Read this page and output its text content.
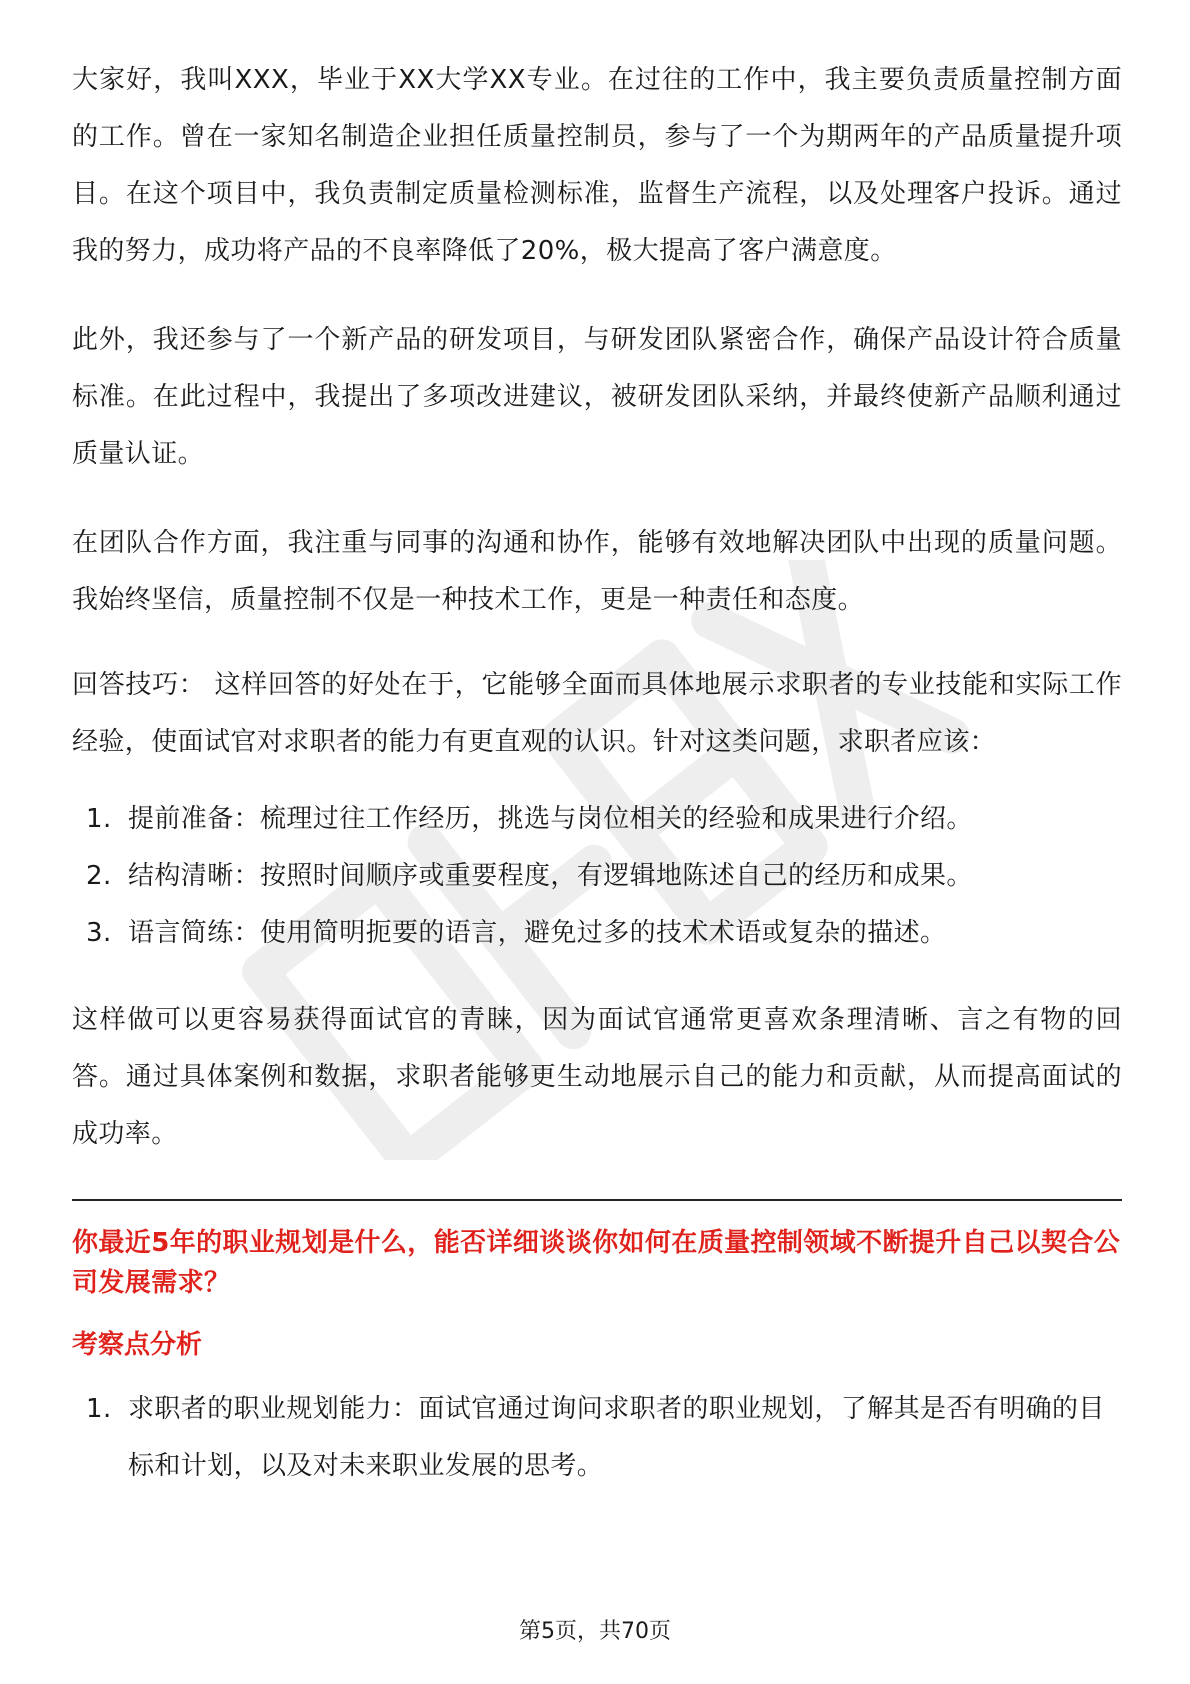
大家好，我叫XXX，毕业于XX大学XX专业。在过往的工作中，我主要负责质量控制方面的工作。曾在一家知名制造企业担任质量控制员，参与了一个为期两年的产品质量提升项目。在这个项目中，我负责制定质量检测标准，监督生产流程，以及处理客户投诉。通过我的努力，成功将产品的不良率降低了20%，极大提高了客户满意度。

此外，我还参与了一个新产品的研发项目，与研发团队紧密合作，确保产品设计符合质量标准。在此过程中，我提出了多项改进建议，被研发团队采纳，并最终使新产品顺利通过质量认证。

在团队合作方面，我注重与同事的沟通和协作，能够有效地解决团队中出现的质量问题。我始终坚信，质量控制不仅是一种技术工作，更是一种责任和态度。

回答技巧： 这样回答的好处在于，它能够全面而具体地展示求职者的专业技能和实际工作经验，使面试官对求职者的能力有更直观的认识。针对这类问题，求职者应该：

1. 提前准备：梳理过往工作经历，挑选与岗位相关的经验和成果进行介绍。
2. 结构清晰：按照时间顺序或重要程度，有逻辑地陈述自己的经历和成果。
3. 语言简练：使用简明扼要的语言，避免过多的技术术语或复杂的描述。

这样做可以更容易获得面试官的青睐，因为面试官通常更喜欢条理清晰、言之有物的回答。通过具体案例和数据，求职者能够更生动地展示自己的能力和贡献，从而提高面试的成功率。

你最近5年的职业规划是什么，能否详细谈谈你如何在质量控制领域不断提升自己以契合公司发展需求？

考察点分析

1. 求职者的职业规划能力：面试官通过询问求职者的职业规划，了解其是否有明确的目标和计划，以及对未来职业发展的思考。
第5页，共70页
